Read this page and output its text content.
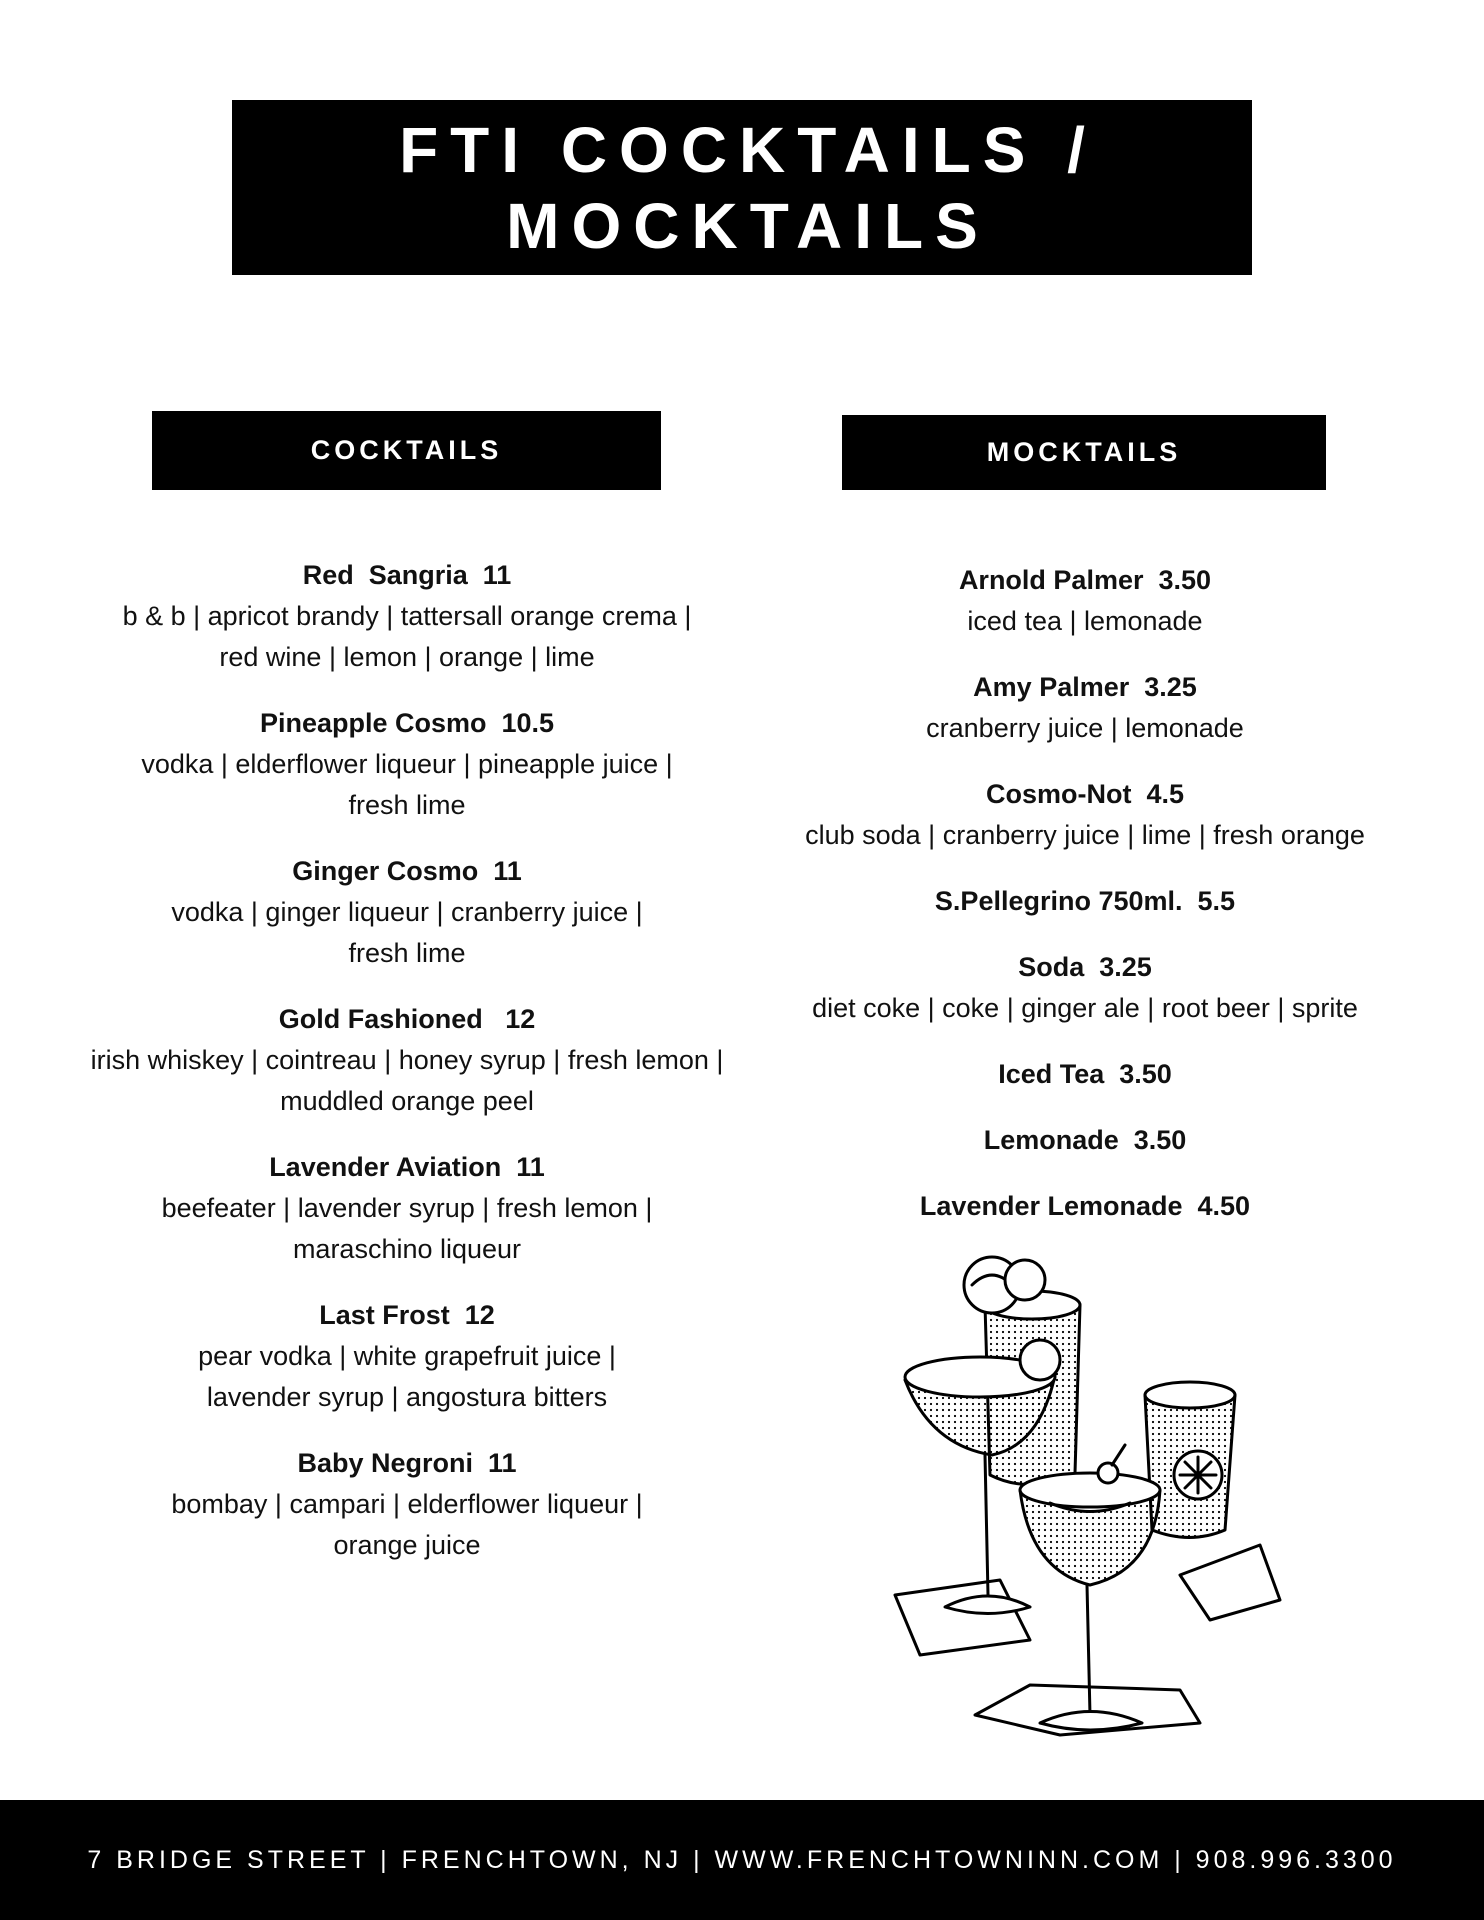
FTI COCKTAILS /
MOCKTAILS
COCKTAILS	MOCKTAILS
Red  Sangria  11
b & b | apricot brandy | tattersall orange crema |
red wine | lemon | orange | lime
Pineapple Cosmo  10.5
vodka | elderflower liqueur | pineapple juice |
fresh lime
Ginger Cosmo  11
vodka | ginger liqueur | cranberry juice |
fresh lime
Gold Fashioned   12
irish whiskey | cointreau | honey syrup | fresh lemon |
muddled orange peel
Lavender Aviation  11
beefeater | lavender syrup | fresh lemon |
maraschino liqueur
Last Frost  12
pear vodka | white grapefruit juice |
lavender syrup | angostura bitters
Baby Negroni  11
bombay | campari | elderflower liqueur |
orange juice
Arnold Palmer  3.50
iced tea | lemonade
Amy Palmer  3.25
cranberry juice | lemonade
Cosmo-Not  4.5
club soda | cranberry juice | lime | fresh orange
S.Pellegrino 750ml.  5.5
Soda  3.25
diet coke | coke | ginger ale | root beer | sprite
Iced Tea  3.50
Lemonade  3.50
Lavender Lemonade  4.50
7 BRIDGE STREET | FRENCHTOWN, NJ | WWW.FRENCHTOWNINN.COM | 908.996.3300
